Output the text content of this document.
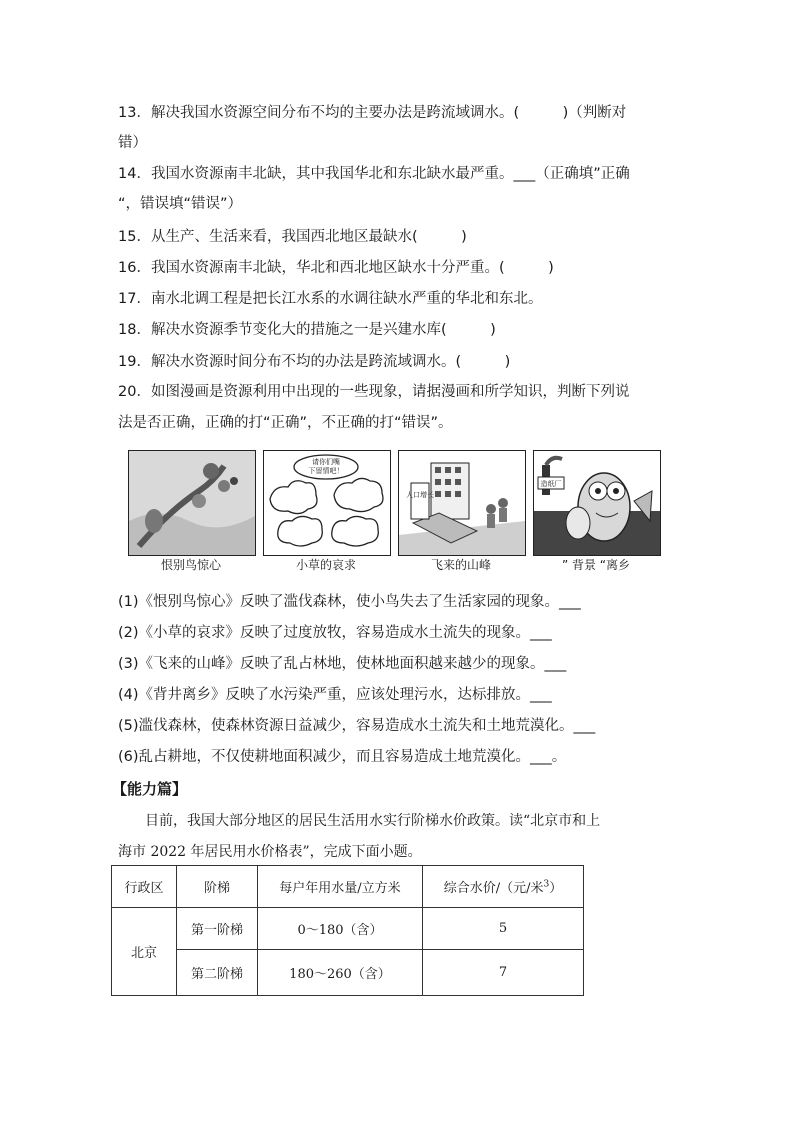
13．解决我国水资源空间分布不均的主要办法是跨流域调水。(　　　)（判断对
错）
14．我国水资源南丰北缺，其中我国华北和东北缺水最严重。___（正确填”正确
“，错误填“错误”）
15．从生产、生活来看，我国西北地区最缺水(　　　)
16．我国水资源南丰北缺，华北和西北地区缺水十分严重。(　　　)
17．南水北调工程是把长江水系的水调往缺水严重的华北和东北。
18．解决水资源季节变化大的措施之一是兴建水库(　　　)
19．解决水资源时间分布不均的办法是跨流域调水。(　　　)
20．如图漫画是资源利用中出现的一些现象，请据漫画和所学知识，判断下列说
法是否正确，正确的打“正确”，不正确的打“错误”。
请你们嘴
下留情吧！
人口增长
造纸厂
恨别鸟惊心	小草的哀求	飞来的山峰	” 背景 “离乡
(1)《恨别鸟惊心》反映了滥伐森林，使小鸟失去了生活家园的现象。___
(2)《小草的哀求》反映了过度放牧，容易造成水土流失的现象。___
(3)《飞来的山峰》反映了乱占林地，使林地面积越来越少的现象。___
(4)《背井离乡》反映了水污染严重，应该处理污水，达标排放。___
(5)滥伐森林，使森林资源日益减少，容易造成水土流失和土地荒漠化。___
(6)乱占耕地，不仅使耕地面积减少，而且容易造成土地荒漠化。___。
【能力篇】
目前，我国大部分地区的居民生活用水实行阶梯水价政策。读“北京市和上
海市 2022 年居民用水价格表”，完成下面小题。
行政区	阶梯	每户年用水量/立方米	综合水价/（元/米$^3$）
北京	第一阶梯	0～180（含）	5
	第二阶梯	180～260（含）	7
